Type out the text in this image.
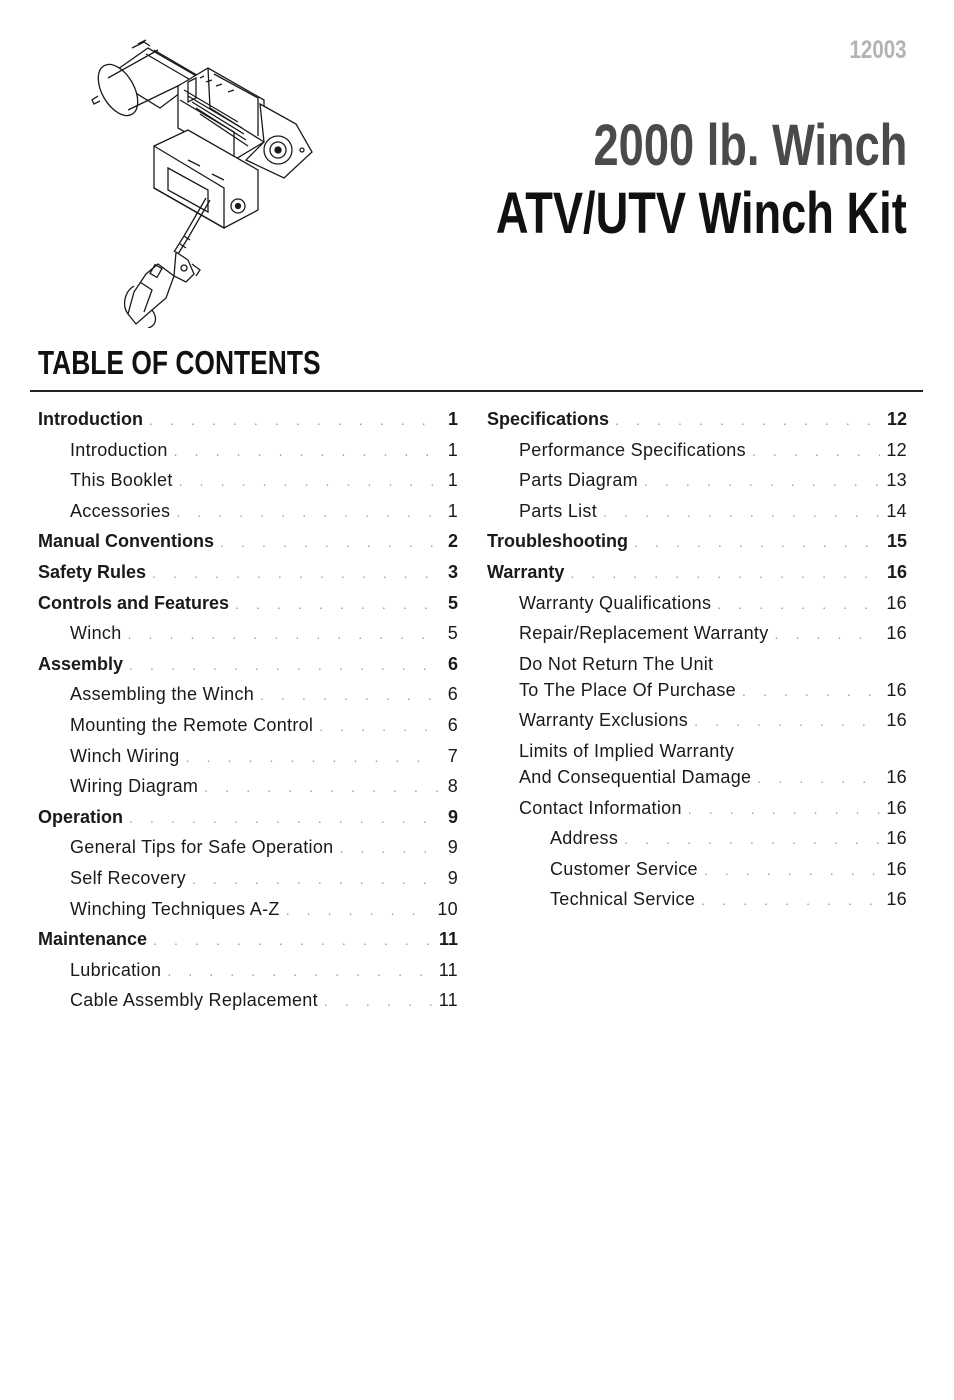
12003
2000 lb. Winch
ATV/UTV Winch Kit
TABLE OF CONTENTS
Introduction . . .	1
Introduction . . .	1
This Booklet . . .	1
Accessories . . .	1
Manual Conventions . . .	2
Safety Rules . . .	3
Controls and Features . . .	5
Winch . . .	5
Assembly . . .	6
Assembling the Winch . . .	6
Mounting the Remote Control . . .	6
Winch Wiring . . .	7
Wiring Diagram . . .	8
Operation . . .	9
General Tips for Safe Operation . . .	9
Self Recovery . . .	9
Winching Techniques A-Z . . .	10
Maintenance . . .	11
Lubrication . . .	11
Cable Assembly Replacement . . .	11
Specifications . . .	12
Performance Specifications . . .	12
Parts Diagram . . .	13
Parts List . . .	14
Troubleshooting . . .	15
Warranty . . .	16
Warranty Qualifications . . .	16
Repair/Replacement Warranty . . .	16
Do Not Return The Unit
To The Place Of Purchase . . .	16
Warranty Exclusions . . .	16
Limits of Implied Warranty
And Consequential Damage . . .	16
Contact Information . . .	16
Address . . .	16
Customer Service . . .	16
Technical Service . . .	16
